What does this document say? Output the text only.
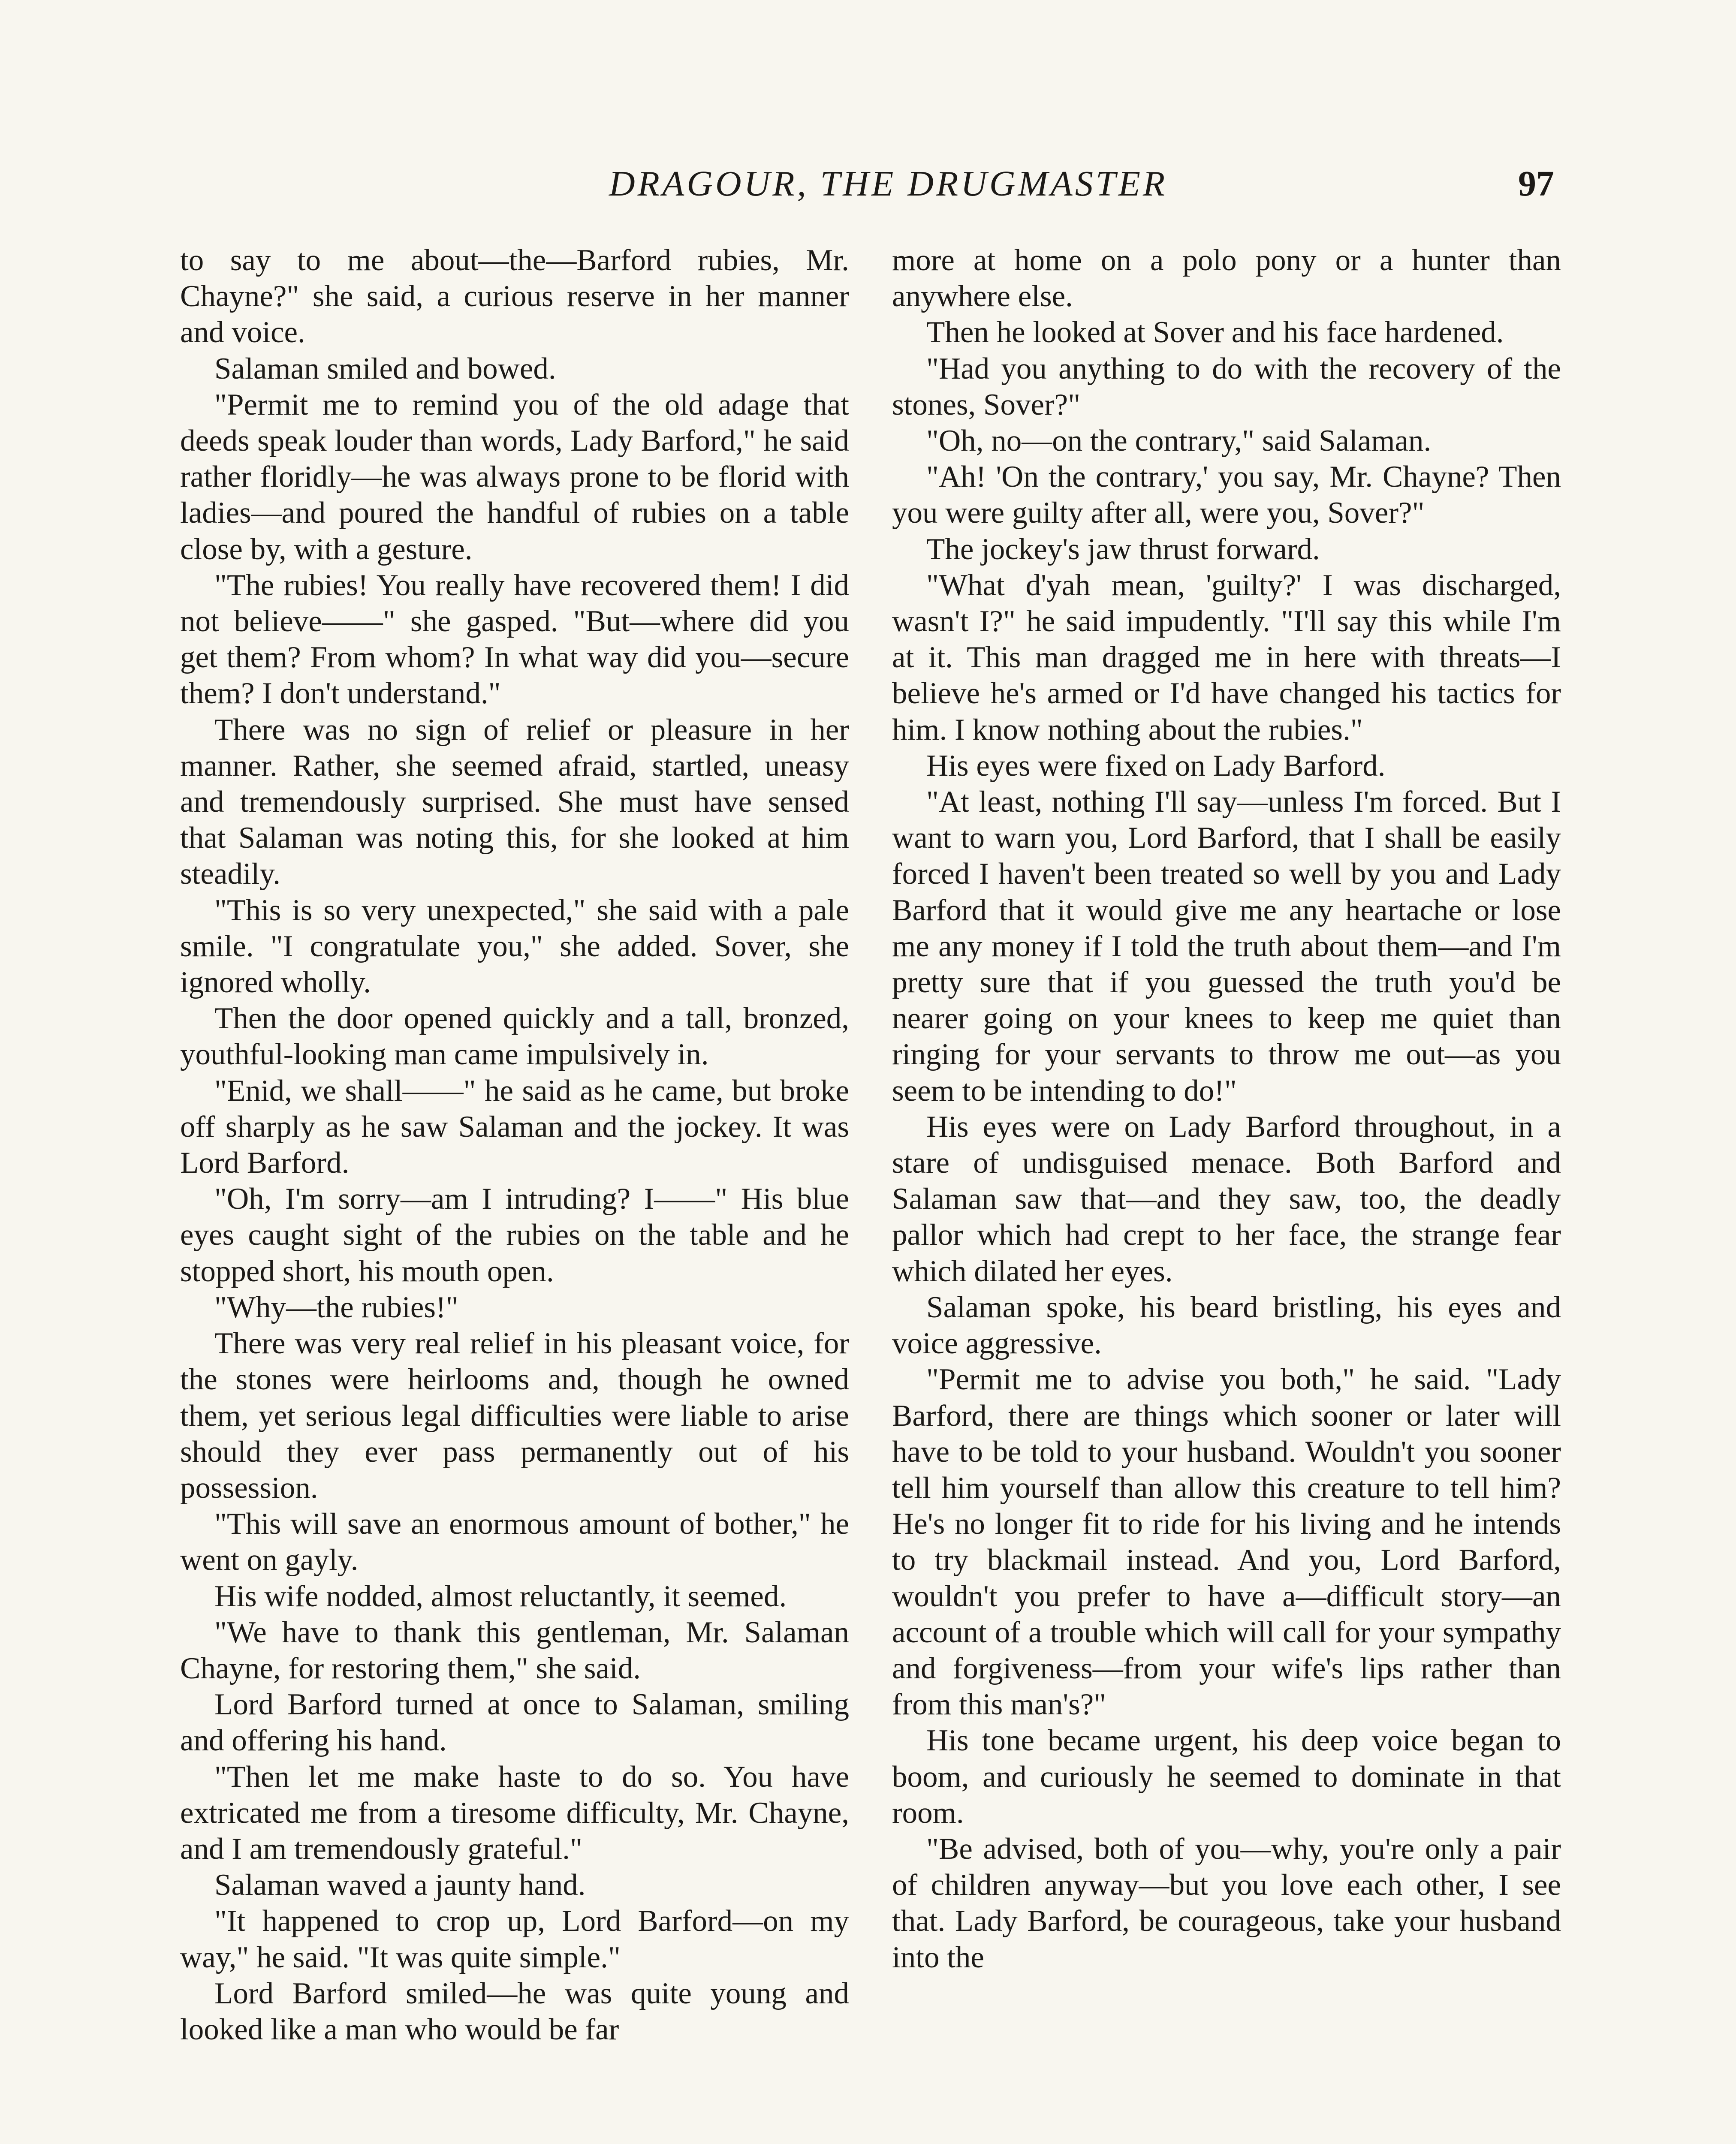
DRAGOUR, THE DRUGMASTER	97

to say to me about—the—Barford rubies, Mr. Chayne?" she said, a curious reserve in her manner and voice.

Salaman smiled and bowed.

"Permit me to remind you of the old adage that deeds speak louder than words, Lady Barford," he said rather floridly—he was always prone to be florid with ladies—and poured the handful of rubies on a table close by, with a gesture.

"The rubies! You really have recovered them! I did not believe——" she gasped. "But—where did you get them? From whom? In what way did you—secure them? I don't understand."

There was no sign of relief or pleasure in her manner. Rather, she seemed afraid, startled, uneasy and tremendously surprised. She must have sensed that Salaman was noting this, for she looked at him steadily.

"This is so very unexpected," she said with a pale smile. "I congratulate you," she added. Sover, she ignored wholly.

Then the door opened quickly and a tall, bronzed, youthful-looking man came impulsively in.

"Enid, we shall——" he said as he came, but broke off sharply as he saw Salaman and the jockey. It was Lord Barford.

"Oh, I'm sorry—am I intruding? I——" His blue eyes caught sight of the rubies on the table and he stopped short, his mouth open.

"Why—the rubies!"

There was very real relief in his pleasant voice, for the stones were heirlooms and, though he owned them, yet serious legal difficulties were liable to arise should they ever pass permanently out of his possession.

"This will save an enormous amount of bother," he went on gayly.

His wife nodded, almost reluctantly, it seemed.

"We have to thank this gentleman, Mr. Salaman Chayne, for restoring them," she said.

Lord Barford turned at once to Salaman, smiling and offering his hand.

"Then let me make haste to do so. You have extricated me from a tiresome difficulty, Mr. Chayne, and I am tremendously grateful."

Salaman waved a jaunty hand.

"It happened to crop up, Lord Barford—on my way," he said. "It was quite simple."

Lord Barford smiled—he was quite young and looked like a man who would be far

more at home on a polo pony or a hunter than anywhere else.

Then he looked at Sover and his face hardened.

"Had you anything to do with the recovery of the stones, Sover?"

"Oh, no—on the contrary," said Salaman.

"Ah! 'On the contrary,' you say, Mr. Chayne? Then you were guilty after all, were you, Sover?"

The jockey's jaw thrust forward.

"What d'yah mean, 'guilty?' I was discharged, wasn't I?" he said impudently. "I'll say this while I'm at it. This man dragged me in here with threats—I believe he's armed or I'd have changed his tactics for him. I know nothing about the rubies."

His eyes were fixed on Lady Barford.

"At least, nothing I'll say—unless I'm forced. But I want to warn you, Lord Barford, that I shall be easily forced I haven't been treated so well by you and Lady Barford that it would give me any heartache or lose me any money if I told the truth about them—and I'm pretty sure that if you guessed the truth you'd be nearer going on your knees to keep me quiet than ringing for your servants to throw me out—as you seem to be intending to do!"

His eyes were on Lady Barford throughout, in a stare of undisguised menace. Both Barford and Salaman saw that—and they saw, too, the deadly pallor which had crept to her face, the strange fear which dilated her eyes.

Salaman spoke, his beard bristling, his eyes and voice aggressive.

"Permit me to advise you both," he said. "Lady Barford, there are things which sooner or later will have to be told to your husband. Wouldn't you sooner tell him yourself than allow this creature to tell him? He's no longer fit to ride for his living and he intends to try blackmail instead. And you, Lord Barford, wouldn't you prefer to have a—difficult story—an account of a trouble which will call for your sympathy and forgiveness—from your wife's lips rather than from this man's?"

His tone became urgent, his deep voice began to boom, and curiously he seemed to dominate in that room.

"Be advised, both of you—why, you're only a pair of children anyway—but you love each other, I see that. Lady Barford, be courageous, take your husband into the
